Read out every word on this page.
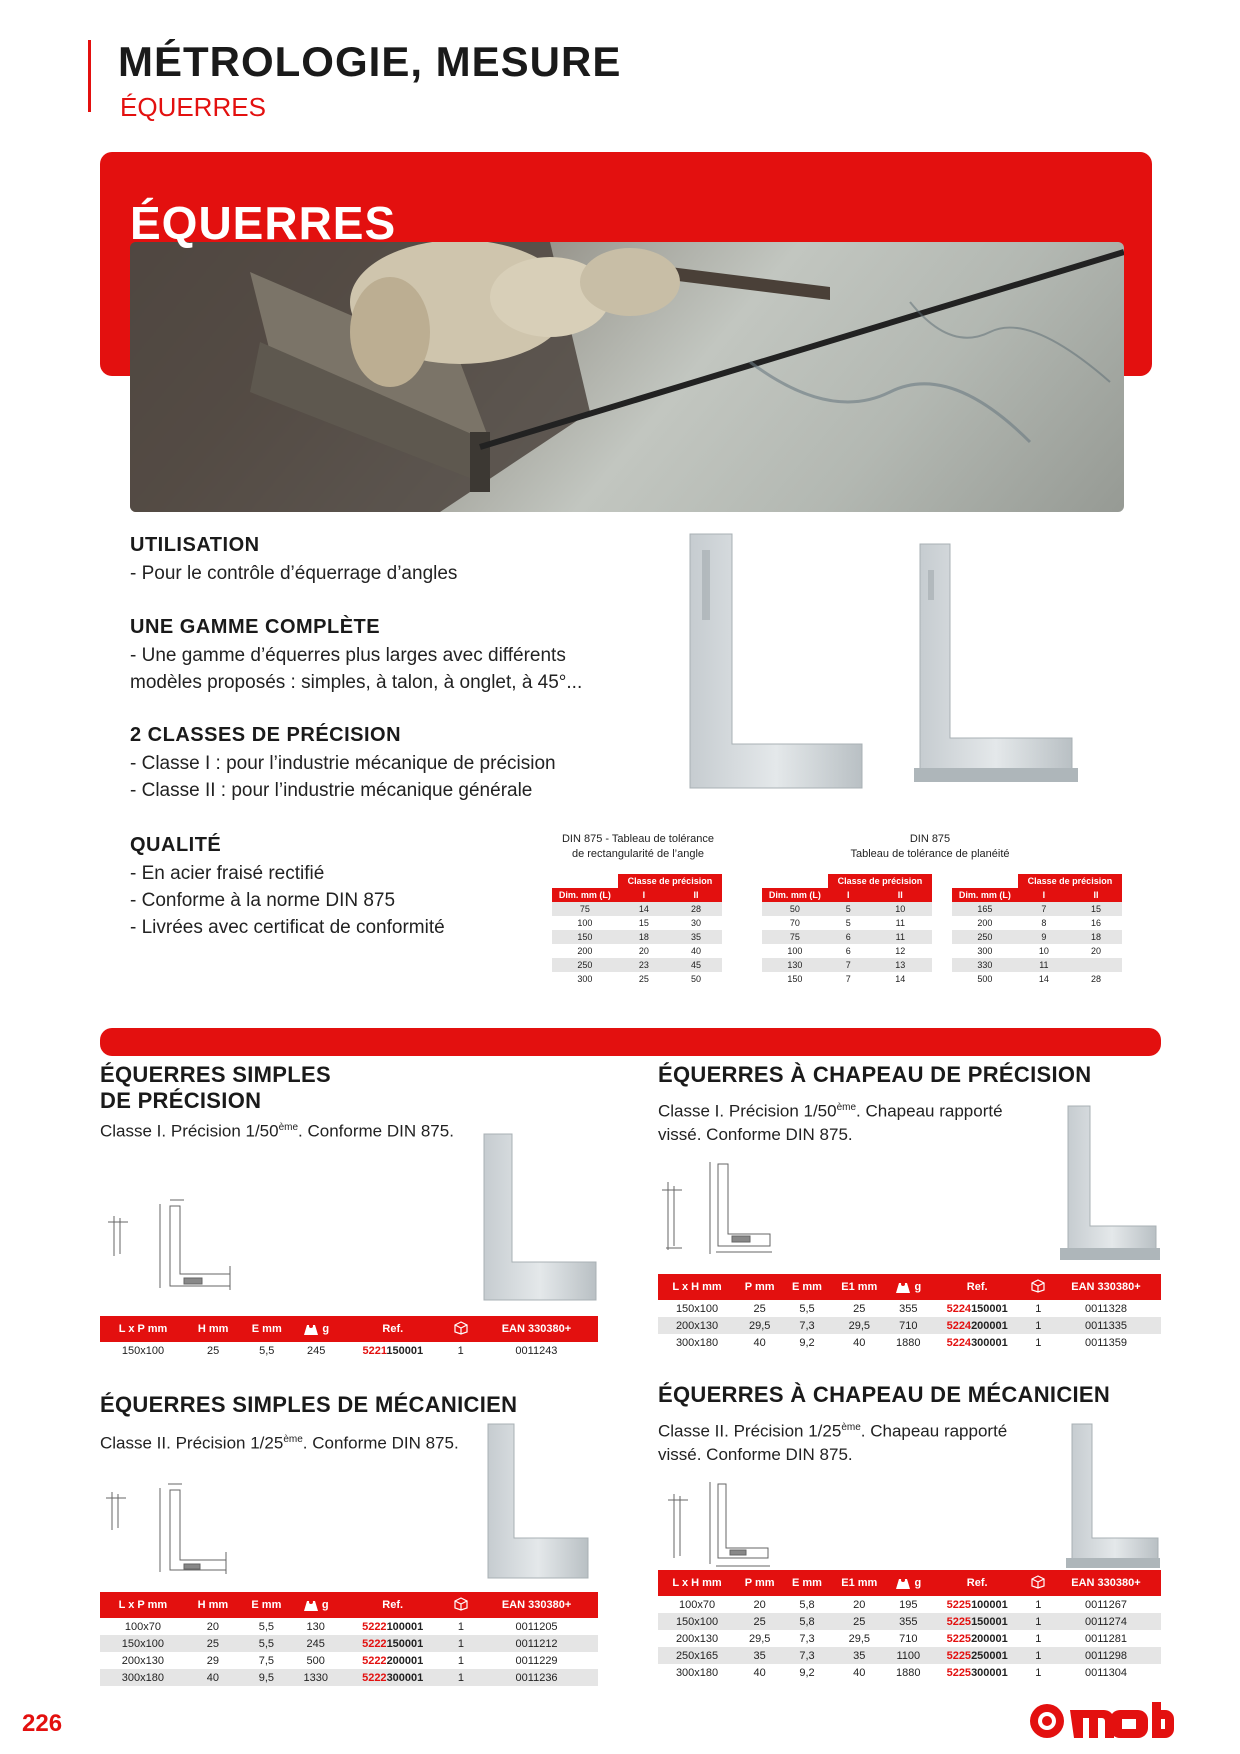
MÉTROLOGIE, MESURE
ÉQUERRES
ÉQUERRES
UTILISATION
- Pour le contrôle d’équerrage d’angles
UNE GAMME COMPLÈTE
- Une gamme d’équerres plus larges avec différents
modèles proposés : simples, à talon, à onglet, à 45°...
2 CLASSES DE PRÉCISION
- Classe I : pour l’industrie mécanique de précision
- Classe II : pour l’industrie mécanique générale
QUALITÉ
- En acier fraisé rectifié
- Conforme à la norme DIN 875
- Livrées avec certificat de conformité
DIN 875 - Tableau de tolérance
de rectangularité de l’angle
DIN 875
Tableau de tolérance de planéité
	Classe de précision	
Dim. mm (L)	I	II
75	14	28
100	15	30
150	18	35
200	20	40
250	23	45
300	25	50
	Classe de précision	
Dim. mm (L)	I	II
50	5	10
70	5	11
75	6	11
100	6	12
130	7	13
150	7	14
	Classe de précision	
Dim. mm (L)	I	II
165	7	15
200	8	16
250	9	18
300	10	20
330	11	
500	14	28
ÉQUERRES SIMPLES
DE PRÉCISION
Classe I. Précision 1/50ème. Conforme DIN 875.
L x P mm	H mm	E mm	g	Ref.		EAN 330380+
150x100	25	5,5	245	5221150001	1	0011243
ÉQUERRES SIMPLES DE MÉCANICIEN
Classe II. Précision 1/25ème. Conforme DIN 875.
L x P mm	H mm	E mm	g	Ref.		EAN 330380+
100x70	20	5,5	130	5222100001	1	0011205
150x100	25	5,5	245	5222150001	1	0011212
200x130	29	7,5	500	5222200001	1	0011229
300x180	40	9,5	1330	5222300001	1	0011236
ÉQUERRES À CHAPEAU DE PRÉCISION
Classe I. Précision 1/50ème. Chapeau rapporté
vissé. Conforme DIN 875.
L x H mm	P mm	E mm	E1 mm	g	Ref.		EAN 330380+
150x100	25	5,5	25	355	5224150001	1	0011328
200x130	29,5	7,3	29,5	710	5224200001	1	0011335
300x180	40	9,2	40	1880	5224300001	1	0011359
ÉQUERRES À CHAPEAU DE MÉCANICIEN
Classe II. Précision 1/25ème. Chapeau rapporté
vissé. Conforme DIN 875.
L x H mm	P mm	E mm	E1 mm	g	Ref.		EAN 330380+
100x70	20	5,8	20	195	5225100001	1	0011267
150x100	25	5,8	25	355	5225150001	1	0011274
200x130	29,5	7,3	29,5	710	5225200001	1	0011281
250x165	35	7,3	35	1100	5225250001	1	0011298
300x180	40	9,2	40	1880	5225300001	1	0011304
226
